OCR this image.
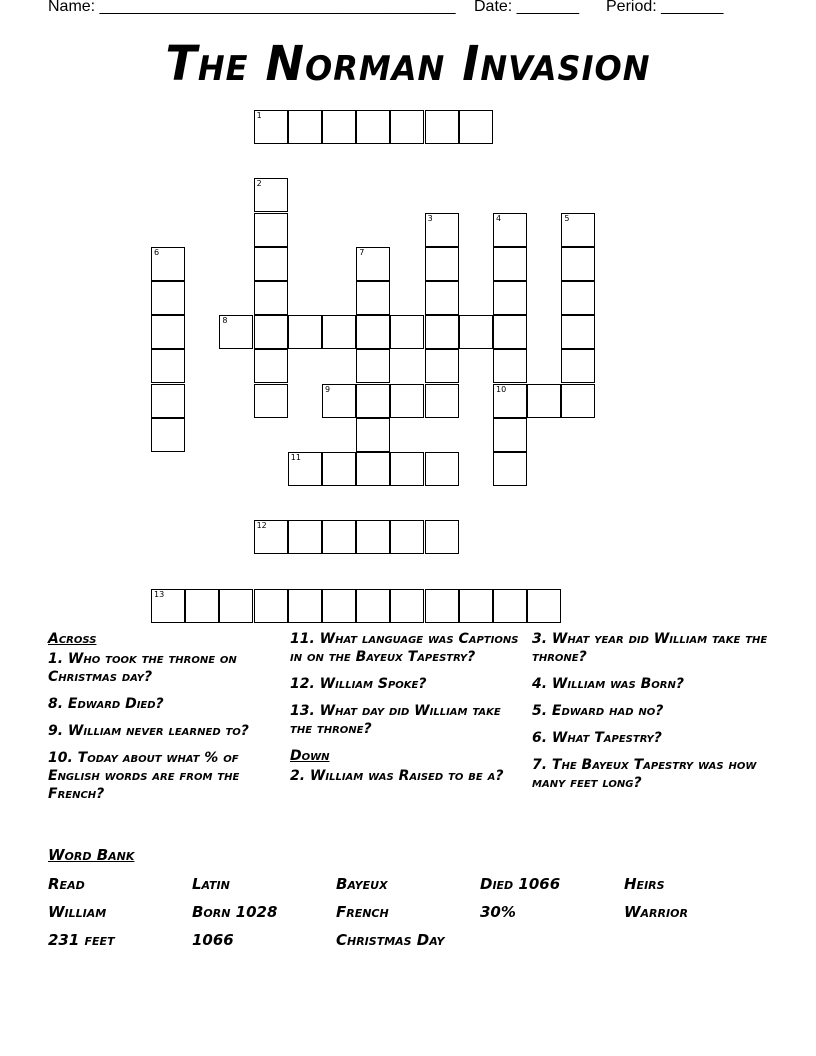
Name: ________________________________________ Date: _______ Period: _______
The Norman Invasion
1
2
3	4
10
5
6	7
8
9
11
12
13
Across
1. Who took the throne on Christmas day?
8. Edward Died?
9. William never learned to?
10. Today about what % of English words are from the French?
11. What language was Captions in on the Bayeux Tapestry?
12. William Spoke?
13. What day did William take the throne?
Down
2. William was Raised to be a?
3. What year did William take the throne?
4. William was Born?
5. Edward had no?
6. What Tapestry?
7. The Bayeux Tapestry was how many feet long?
Word Bank
Read	Latin	Bayeux	Died 1066	Heirs
William	Born 1028	French	30%	Warrior
231 feet	1066	Christmas Day
